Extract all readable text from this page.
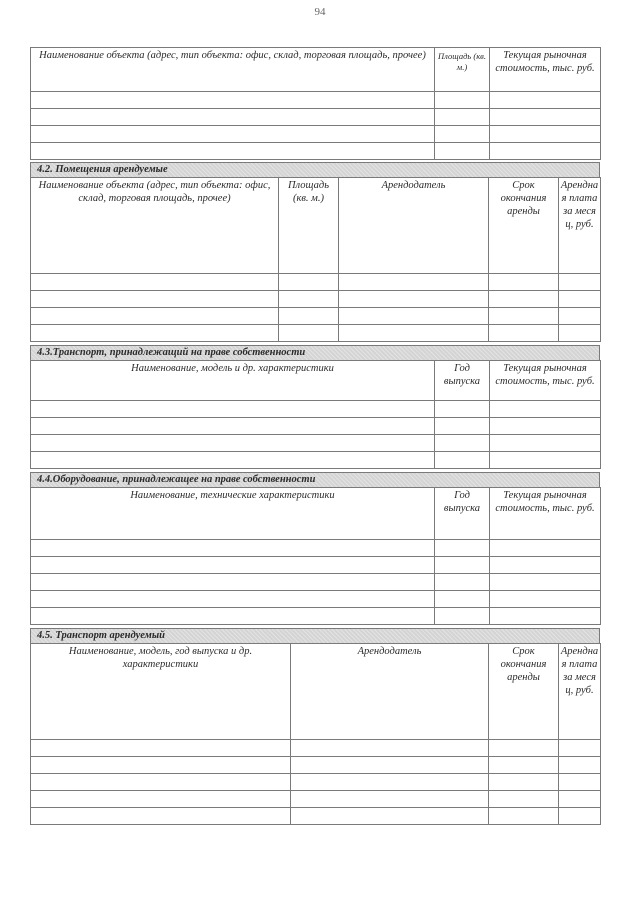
94
Наименование объекта (адрес, тип объекта: офис, склад, торговая площадь, прочее)	Площадь (кв. м.)	Текущая рыночная стоимость, тыс. руб.

4.2. Помещения арендуемые
Наименование объекта (адрес, тип объекта: офис, склад, торговая площадь, прочее)	Площадь (кв. м.)	Арендодатель	Срок окончания аренды	Арендная плата за месяц, руб.

4.3.Транспорт, принадлежащий на праве собственности
Наименование, модель и др. характеристики	Год выпуска	Текущая рыночная стоимость, тыс. руб.

4.4.Оборудование, принадлежащее на праве собственности
Наименование, технические характеристики	Год выпуска	Текущая рыночная стоимость, тыс. руб.

4.5. Транспорт арендуемый
Наименование, модель, год выпуска и др. характеристики	Арендодатель	Срок окончания аренды	Арендная плата за месяц, руб.
